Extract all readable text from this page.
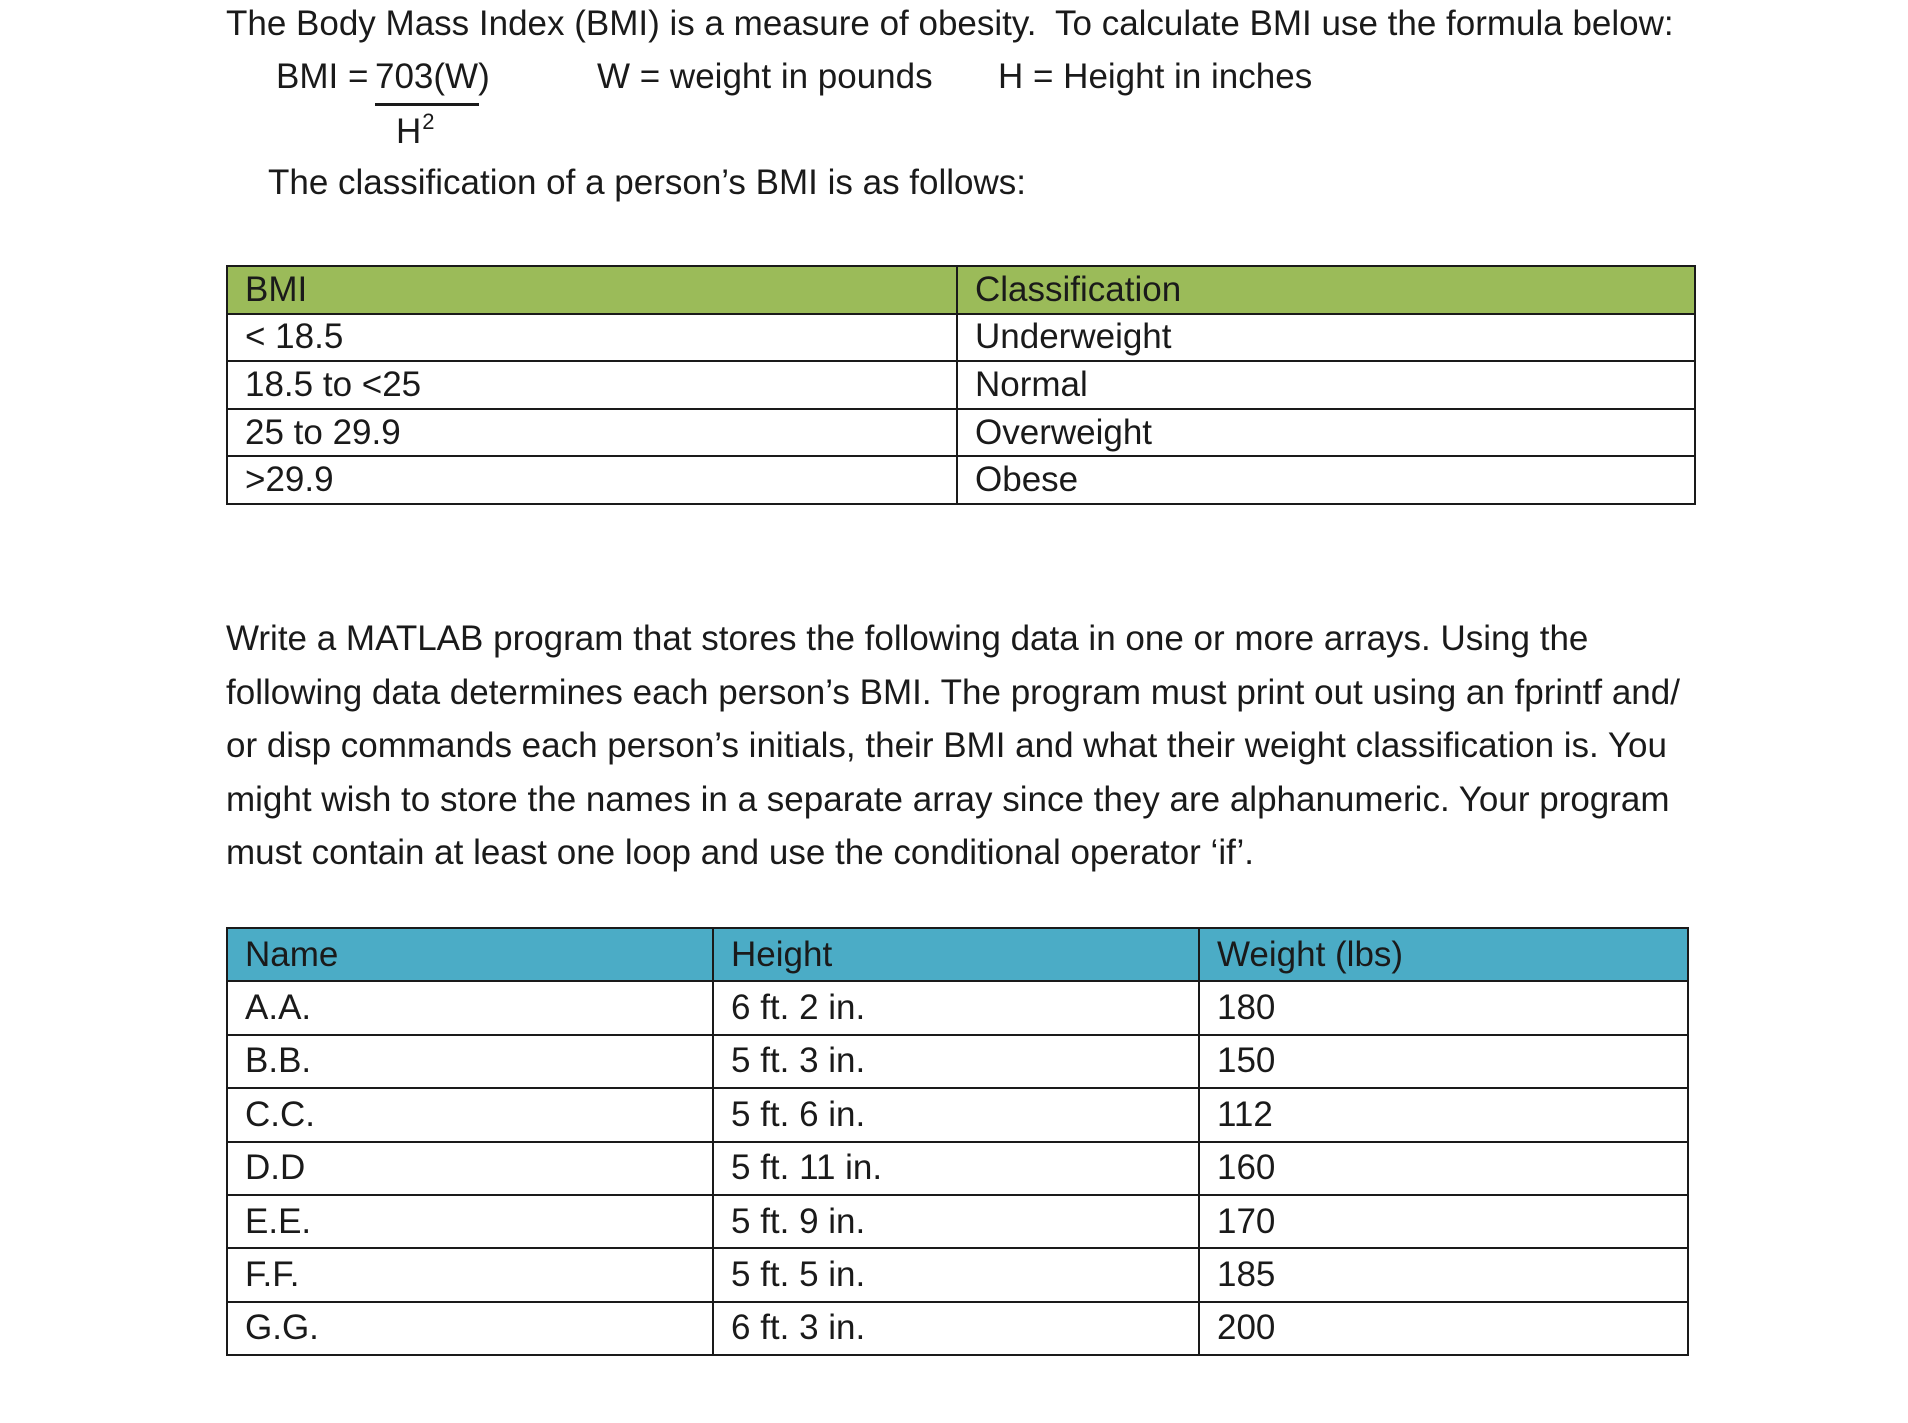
The Body Mass Index (BMI) is a measure of obesity. To calculate BMI use the formula below:
BMI = 703(W)
$H^2$
W = weight in pounds H = Height in inches
The classification of a person’s BMI is as follows:
BMI	Classification
< 18.5	Underweight
18.5 to <25	Normal
25 to 29.9	Overweight
>29.9	Obese
Write a MATLAB program that stores the following data in one or more arrays. Using the
following data determines each person’s BMI. The program must print out using an fprintf and/
or disp commands each person’s initials, their BMI and what their weight classification is. You
might wish to store the names in a separate array since they are alphanumeric. Your program
must contain at least one loop and use the conditional operator ‘if’.
Name	Height	Weight (lbs)
A.A.	6 ft. 2 in.	180
B.B.	5 ft. 3 in.	150
C.C.	5 ft. 6 in.	112
D.D	5 ft. 11 in.	160
E.E.	5 ft. 9 in.	170
F.F.	5 ft. 5 in.	185
G.G.	6 ft. 3 in.	200
